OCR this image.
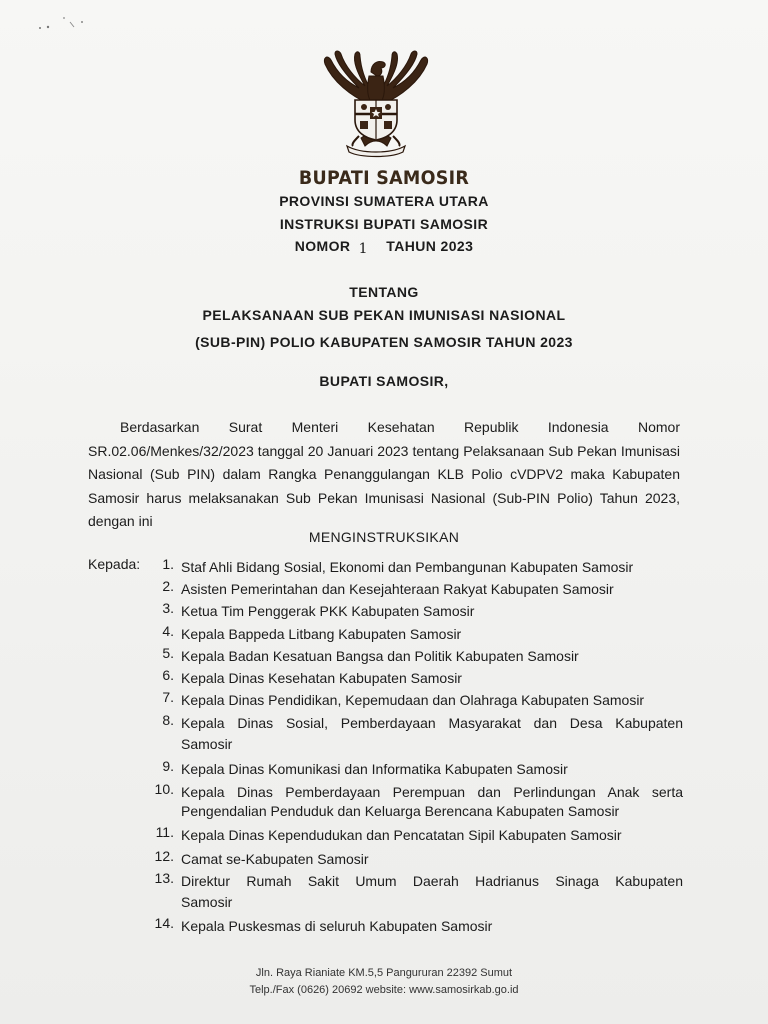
BUPATI SAMOSIR
PROVINSI SUMATERA UTARA
INSTRUKSI BUPATI SAMOSIR
NOMOR 1 TAHUN 2023
TENTANG
PELAKSANAAN SUB PEKAN IMUNISASI NASIONAL
(SUB-PIN) POLIO KABUPATEN SAMOSIR TAHUN 2023
BUPATI SAMOSIR,
Berdasarkan Surat Menteri Kesehatan Republik Indonesia Nomor SR.02.06/Menkes/32/2023 tanggal 20 Januari 2023 tentang Pelaksanaan Sub Pekan Imunisasi Nasional (Sub PIN) dalam Rangka Penanggulangan KLB Polio cVDPV2 maka Kabupaten Samosir harus melaksanakan Sub Pekan Imunisasi Nasional (Sub-PIN Polio) Tahun 2023, dengan ini
MENGINSTRUKSIKAN
Kepada:	1. Staf Ahli Bidang Sosial, Ekonomi dan Pembangunan Kabupaten Samosir
2. Asisten Pemerintahan dan Kesejahteraan Rakyat Kabupaten Samosir
3. Ketua Tim Penggerak PKK Kabupaten Samosir
4. Kepala Bappeda Litbang Kabupaten Samosir
5. Kepala Badan Kesatuan Bangsa dan Politik Kabupaten Samosir
6. Kepala Dinas Kesehatan Kabupaten Samosir
7. Kepala Dinas Pendidikan, Kepemudaan dan Olahraga Kabupaten Samosir
8. Kepala Dinas Sosial, Pemberdayaan Masyarakat dan Desa Kabupaten
Samosir
9. Kepala Dinas Komunikasi dan Informatika Kabupaten Samosir
10. Kepala Dinas Pemberdayaan Perempuan dan Perlindungan Anak serta
Pengendalian Penduduk dan Keluarga Berencana Kabupaten Samosir
11. Kepala Dinas Kependudukan dan Pencatatan Sipil Kabupaten Samosir
12. Camat se-Kabupaten Samosir
13. Direktur Rumah Sakit Umum Daerah Hadrianus Sinaga Kabupaten
Samosir
14. Kepala Puskesmas di seluruh Kabupaten Samosir
Jln. Raya Rianiate KM.5,5 Pangururan 22392 Sumut
Telp./Fax (0626) 20692 website: www.samosirkab.go.id
